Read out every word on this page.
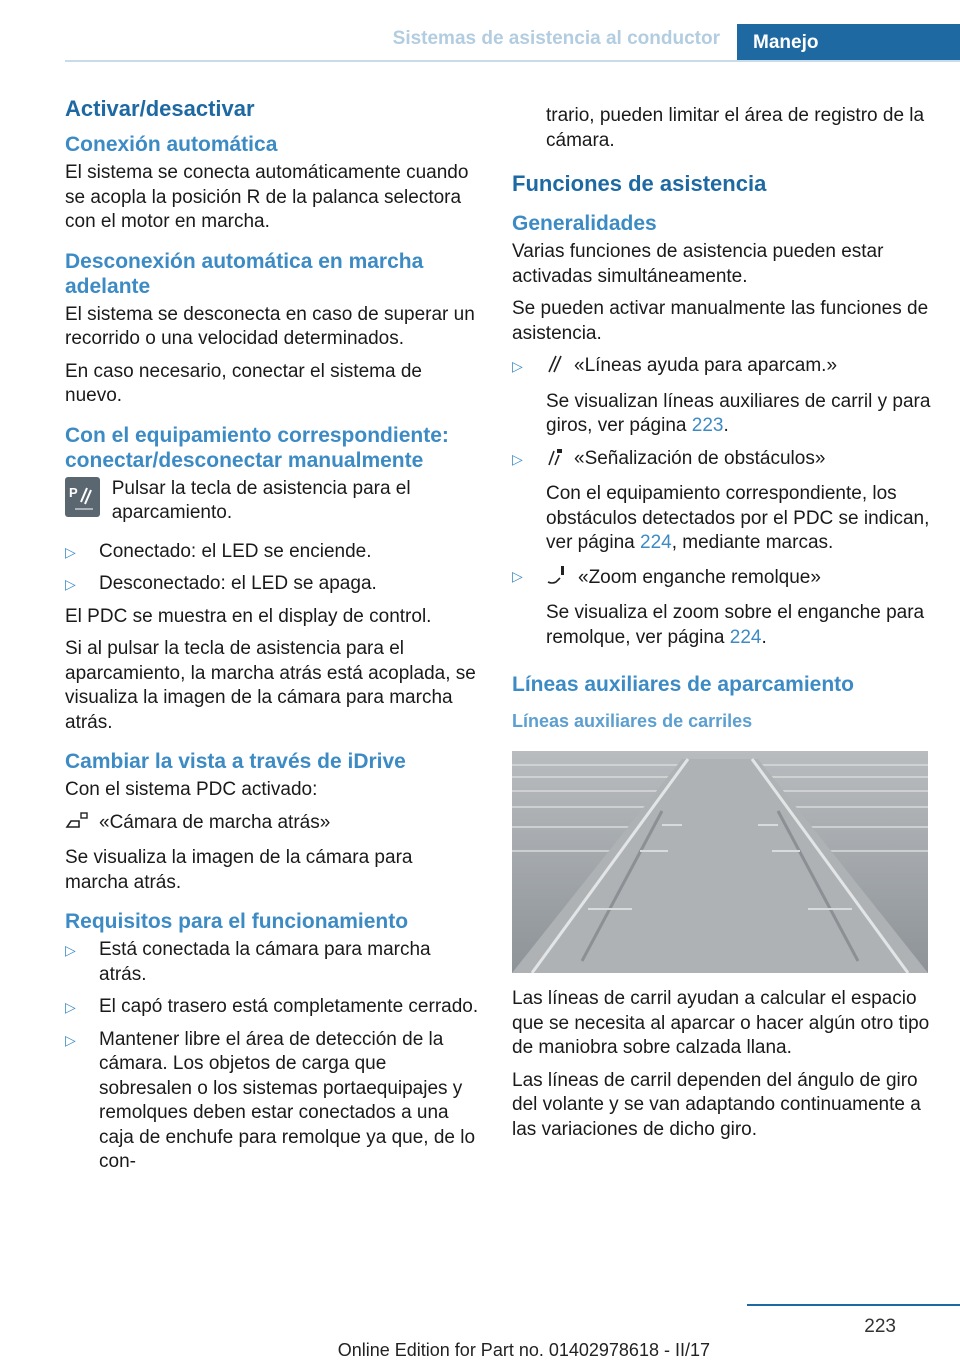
Sistemas de asistencia al conductor	Manejo
Activar/desactivar
Conexión automática
El sistema se conecta automáticamente cuando se acopla la posición R de la palanca selectora con el motor en marcha.
Desconexión automática en marcha adelante
El sistema se desconecta en caso de superar un recorrido o una velocidad determinados.
En caso necesario, conectar el sistema de nuevo.
Con el equipamiento correspondiente: conectar/desconectar manualmente
P Pulsar la tecla de asistencia para el aparcamiento.
▷	Conectado: el LED se enciende.
▷	Desconectado: el LED se apaga.
El PDC se muestra en el display de control.
Si al pulsar la tecla de asistencia para el aparcamiento, la marcha atrás está acoplada, se visualiza la imagen de la cámara para marcha atrás.
Cambiar la vista a través de iDrive
Con el sistema PDC activado:
«Cámara de marcha atrás»
Se visualiza la imagen de la cámara para marcha atrás.
Requisitos para el funcionamiento
▷	Está conectada la cámara para marcha atrás.
▷	El capó trasero está completamente cerrado.
▷	Mantener libre el área de detección de la cámara. Los objetos de carga que sobresalen o los sistemas portaequipajes y remolques deben estar conectados a una caja de enchufe para remolque ya que, de lo con-
trario, pueden limitar el área de registro de la cámara.
Funciones de asistencia
Generalidades
Varias funciones de asistencia pueden estar activadas simultáneamente.
Se pueden activar manualmente las funciones de asistencia.
▷	«Líneas ayuda para aparcam.»
Se visualizan líneas auxiliares de carril y para giros, ver página 223.
▷	«Señalización de obstáculos»
Con el equipamiento correspondiente, los obstáculos detectados por el PDC se indican, ver página 224, mediante marcas.
▷	«Zoom enganche remolque»
Se visualiza el zoom sobre el enganche para remolque, ver página 224.
Líneas auxiliares de aparcamiento
Líneas auxiliares de carriles
Las líneas de carril ayudan a calcular el espacio que se necesita al aparcar o hacer algún otro tipo de maniobra sobre calzada llana.
Las líneas de carril dependen del ángulo de giro del volante y se van adaptando continuamente a las variaciones de dicho giro.
223
Online Edition for Part no. 01402978618 - II/17
